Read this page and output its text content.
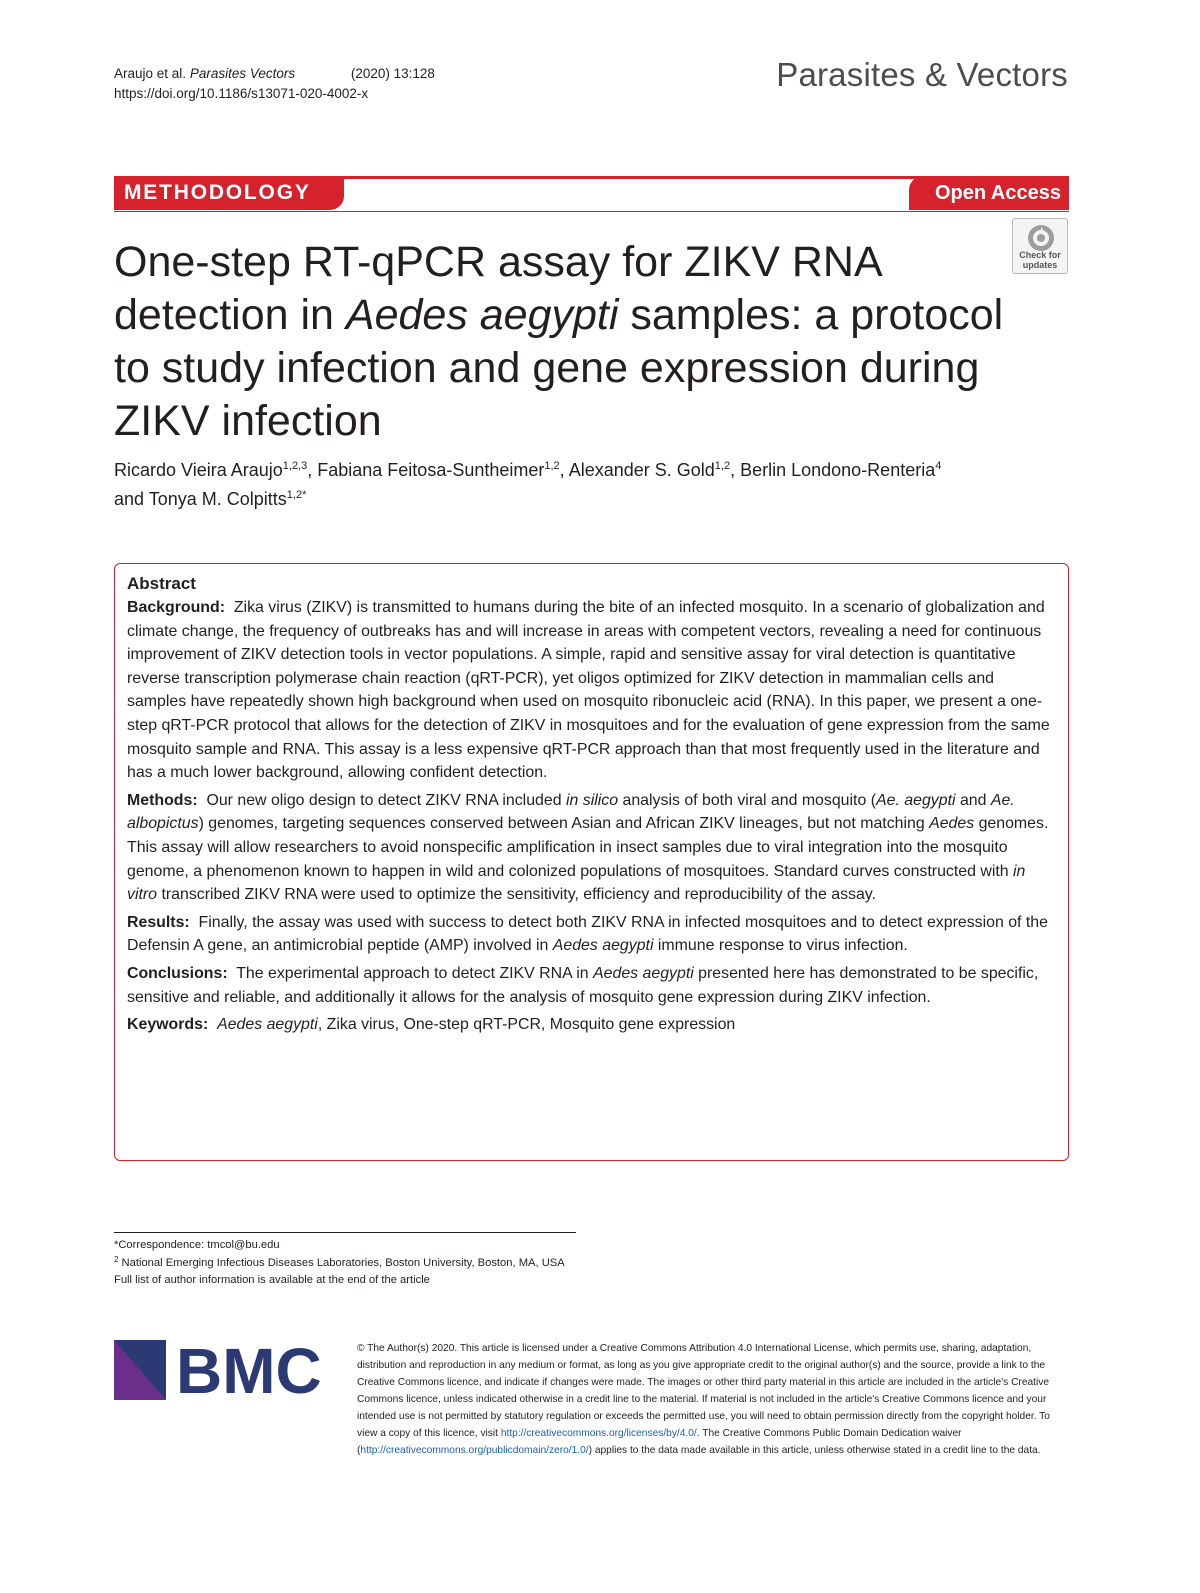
Araujo et al. Parasites Vectors	(2020) 13:128
https://doi.org/10.1186/s13071-020-4002-x
Parasites & Vectors
METHODOLOGY	Open Access
Check for
updates
One-step RT-qPCR assay for ZIKV RNA detection in Aedes aegypti samples: a protocol to study infection and gene expression during ZIKV infection
Ricardo Vieira Araujo$^{1,2,3}$, Fabiana Feitosa-Suntheimer$^{1,2}$, Alexander S. Gold$^{1,2}$, Berlin Londono-Renteria$^4$
and Tonya M. Colpitts$^{1,2*}$
Abstract

Background: Zika virus (ZIKV) is transmitted to humans during the bite of an infected mosquito. In a scenario of globalization and climate change, the frequency of outbreaks has and will increase in areas with competent vectors, revealing a need for continuous improvement of ZIKV detection tools in vector populations. A simple, rapid and sensitive assay for viral detection is quantitative reverse transcription polymerase chain reaction (qRT-PCR), yet oligos optimized for ZIKV detection in mammalian cells and samples have repeatedly shown high background when used on mosquito ribonucleic acid (RNA). In this paper, we present a one-step qRT-PCR protocol that allows for the detection of ZIKV in mosquitoes and for the evaluation of gene expression from the same mosquito sample and RNA. This assay is a less expensive qRT-PCR approach than that most frequently used in the literature and has a much lower background, allowing confident detection.

Methods: Our new oligo design to detect ZIKV RNA included in silico analysis of both viral and mosquito (Ae. aegypti and Ae. albopictus) genomes, targeting sequences conserved between Asian and African ZIKV lineages, but not matching Aedes genomes. This assay will allow researchers to avoid nonspecific amplification in insect samples due to viral integration into the mosquito genome, a phenomenon known to happen in wild and colonized populations of mosquitoes. Standard curves constructed with in vitro transcribed ZIKV RNA were used to optimize the sensitivity, efficiency and reproducibility of the assay.

Results: Finally, the assay was used with success to detect both ZIKV RNA in infected mosquitoes and to detect expression of the Defensin A gene, an antimicrobial peptide (AMP) involved in Aedes aegypti immune response to virus infection.

Conclusions: The experimental approach to detect ZIKV RNA in Aedes aegypti presented here has demonstrated to be specific, sensitive and reliable, and additionally it allows for the analysis of mosquito gene expression during ZIKV infection.

Keywords: Aedes aegypti, Zika virus, One-step qRT-PCR, Mosquito gene expression

*Correspondence: tmcol@bu.edu
$^2$ National Emerging Infectious Diseases Laboratories, Boston University, Boston, MA, USA
Full list of author information is available at the end of the article
BMC	© The Author(s) 2020. This article is licensed under a Creative Commons Attribution 4.0 International License, which permits use, sharing, adaptation, distribution and reproduction in any medium or format, as long as you give appropriate credit to the original author(s) and the source, provide a link to the Creative Commons licence, and indicate if changes were made. The images or other third party material in this article are included in the article's Creative Commons licence, unless indicated otherwise in a credit line to the material. If material is not included in the article's Creative Commons licence and your intended use is not permitted by statutory regulation or exceeds the permitted use, you will need to obtain permission directly from the copyright holder. To view a copy of this licence, visit http://creativecommons.org/licenses/by/4.0/. The Creative Commons Public Domain Dedication waiver (http://creativecommons.org/publicdomain/zero/1.0/) applies to the data made available in this article, unless otherwise stated in a credit line to the data.
